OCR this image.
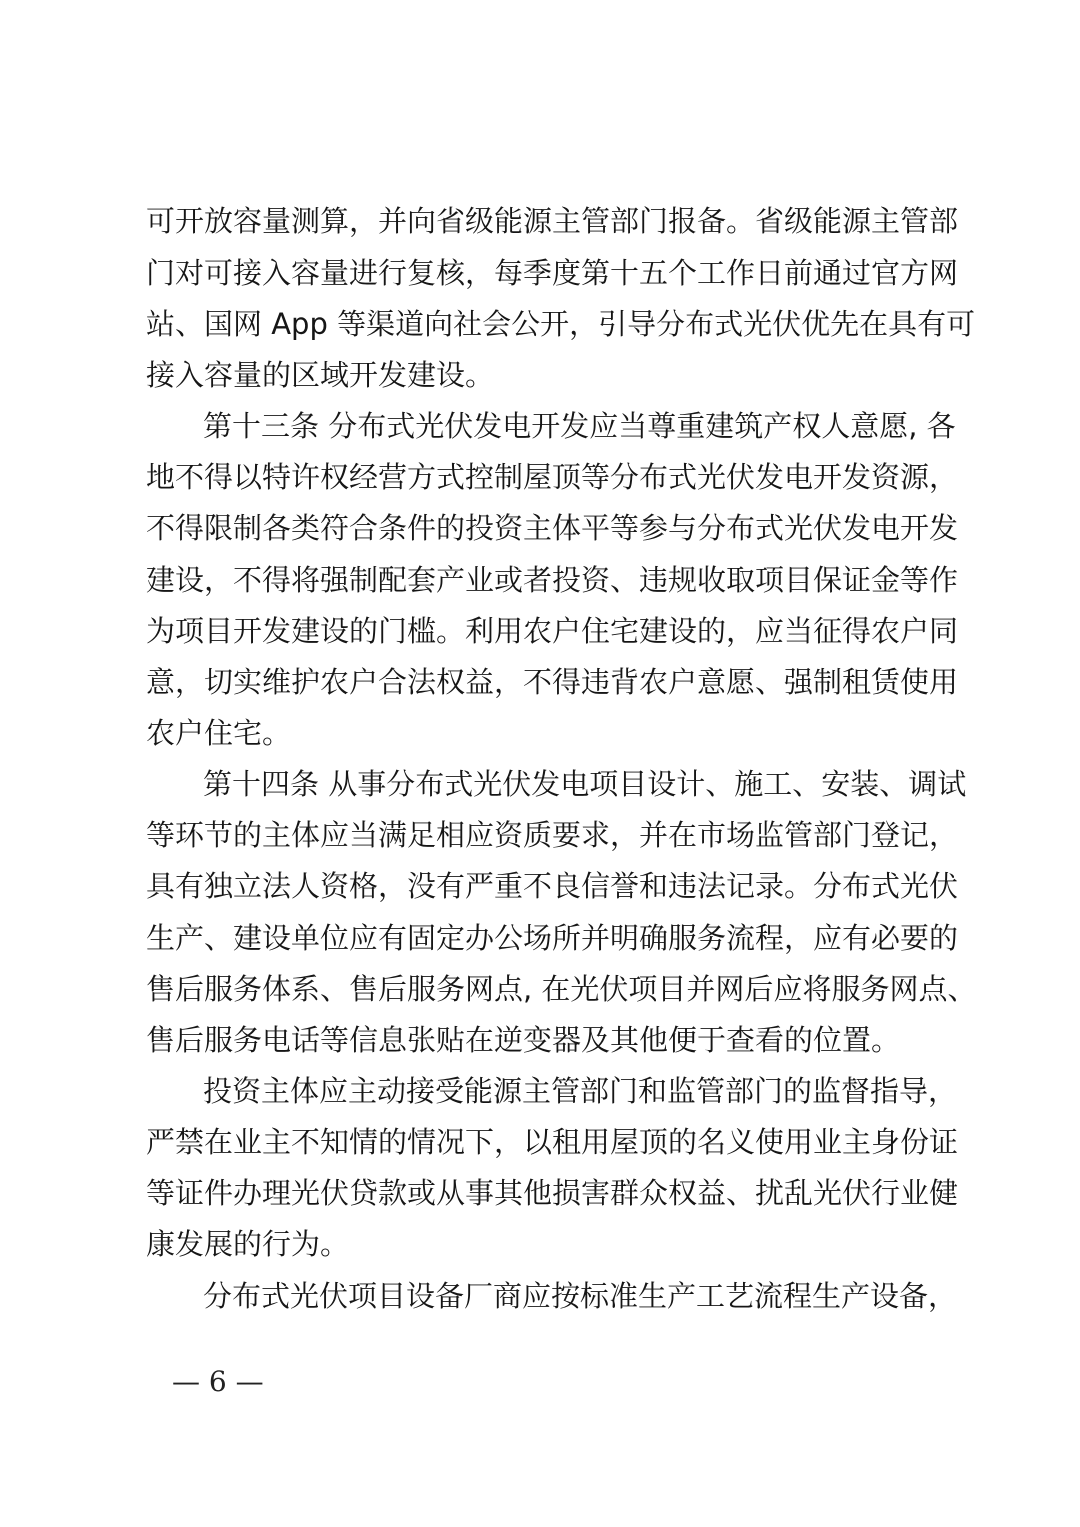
可开放容量测算，并向省级能源主管部门报备。省级能源主管部
门对可接入容量进行复核，每季度第十五个工作日前通过官方网
站、国网 App 等渠道向社会公开，引导分布式光伏优先在具有可
接入容量的区域开发建设。
第十三条 分布式光伏发电开发应当尊重建筑产权人意愿, 各
地不得以特许权经营方式控制屋顶等分布式光伏发电开发资源，
不得限制各类符合条件的投资主体平等参与分布式光伏发电开发
建设，不得将强制配套产业或者投资、违规收取项目保证金等作
为项目开发建设的门槛。利用农户住宅建设的，应当征得农户同
意，切实维护农户合法权益，不得违背农户意愿、强制租赁使用
农户住宅。
第十四条 从事分布式光伏发电项目设计、施工、安装、调试
等环节的主体应当满足相应资质要求，并在市场监管部门登记，
具有独立法人资格，没有严重不良信誉和违法记录。分布式光伏
生产、建设单位应有固定办公场所并明确服务流程，应有必要的
售后服务体系、售后服务网点, 在光伏项目并网后应将服务网点、
售后服务电话等信息张贴在逆变器及其他便于查看的位置。
投资主体应主动接受能源主管部门和监管部门的监督指导，
严禁在业主不知情的情况下，以租用屋顶的名义使用业主身份证
等证件办理光伏贷款或从事其他损害群众权益、扰乱光伏行业健
康发展的行为。
分布式光伏项目设备厂商应按标准生产工艺流程生产设备，
— 6 —
